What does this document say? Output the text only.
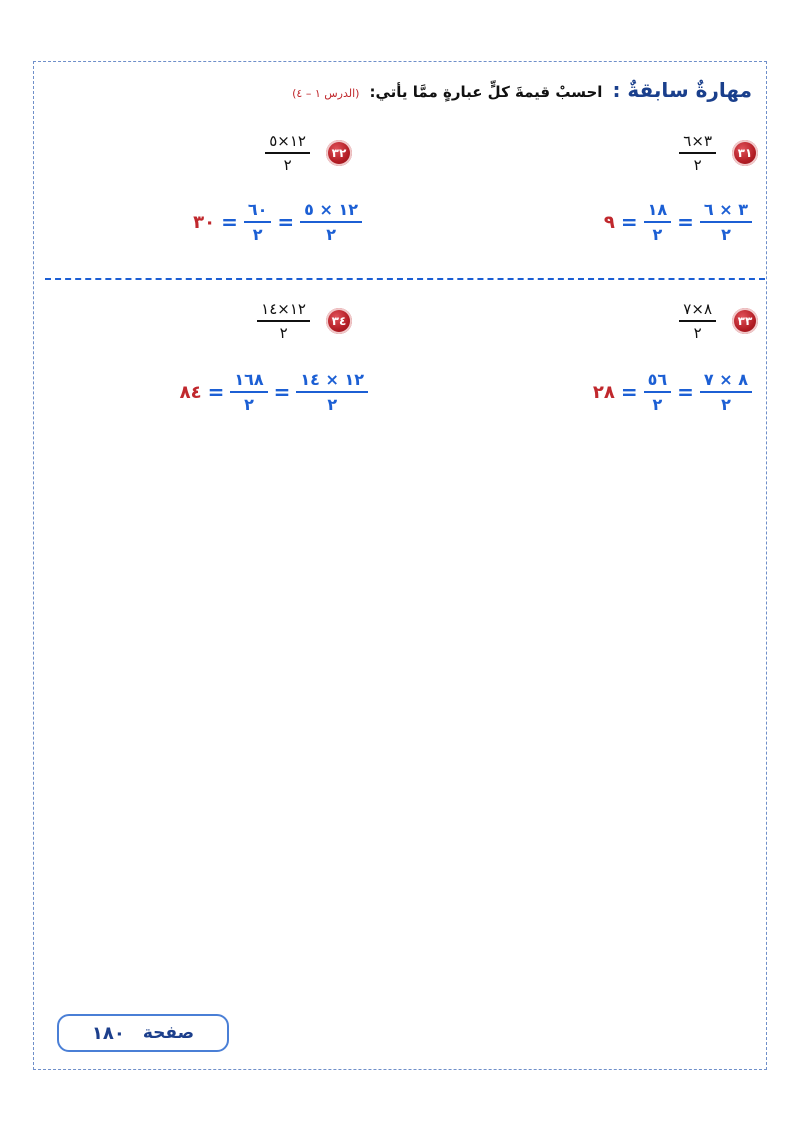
مهارةٌ سابقةٌ :
احسبْ قيمةَ كلٍّ عبارةٍ ممَّا يأتي:
(الدرس ١ – ٤)
٣١
$\frac{٣\times ٦}{٢}$
٩ = $\frac{١٨}{٢} = \frac{٣ \times ٦}{٢}$
٣٢
$\frac{١٢\times ٥}{٢}$
٣٠ = $\frac{٦٠}{٢} = \frac{١٢ \times ٥}{٢}$
٣٣
$\frac{٨\times ٧}{٢}$
٢٨ = $\frac{٥٦}{٢} = \frac{٨ \times ٧}{٢}$
٣٤
$\frac{١٢\times ١٤}{٢}$
٨٤ = $\frac{١٦٨}{٢} = \frac{١٢ \times ١٤}{٢}$
صفحة
١٨٠
